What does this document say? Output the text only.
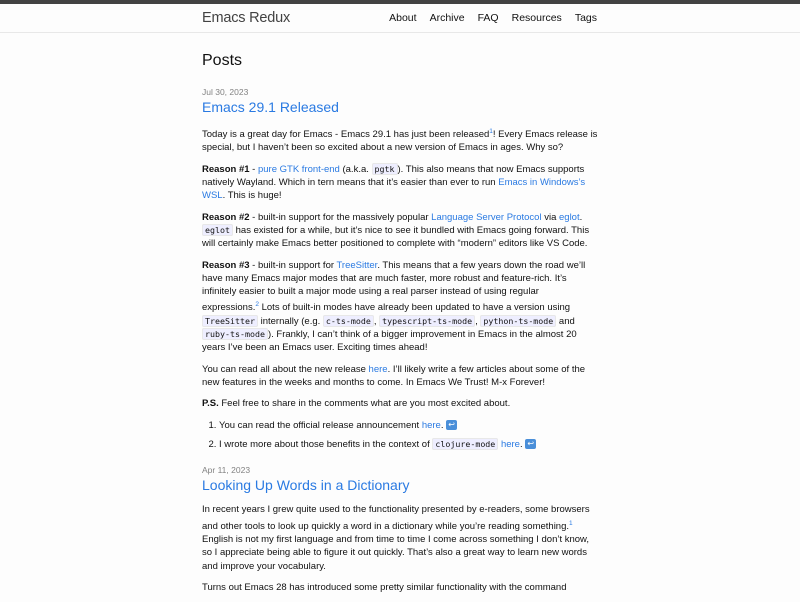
Emacs Redux	About Archive FAQ Resources Tags
Posts
Jul 30, 2023
Emacs 29.1 Released

Today is a great day for Emacs - Emacs 29.1 has just been released$^1$! Every Emacs release is special, but I haven’t been so excited about a new version of Emacs in ages. Why so?

Reason #1 - pure GTK front-end (a.k.a. pgtk ). This also means that now Emacs supports natively Wayland. Which in tern means that it’s easier than ever to run Emacs in Windows’s WSL. This is huge!

Reason #2 - built-in support for the massively popular Language Server Protocol via eglot. eglot has existed for a while, but it’s nice to see it bundled with Emacs going forward. This will certainly make Emacs better positioned to complete with “modern” editors like VS Code.

Reason #3 - built-in support for TreeSitter. This means that a few years down the road we’ll have many Emacs major modes that are much faster, more robust and feature-rich. It’s infinitely easier to built a major mode using a real parser instead of using regular expressions.$^2$ Lots of built-in modes have already been updated to have a version using TreeSitter internally (e.g. c-ts-mode , typescript-ts-mode , python-ts-mode and ruby-ts-mode ). Frankly, I can’t think of a bigger improvement in Emacs in the almost 20 years I’ve been an Emacs user. Exciting times ahead!

You can read all about the new release here. I’ll likely write a few articles about some of the new features in the weeks and months to come. In Emacs We Trust! M-x Forever!

P.S. Feel free to share in the comments what are you most excited about.

1. You can read the official release announcement here. ↩
2. I wrote more about those benefits in the context of clojure-mode here. ↩
Apr 11, 2023
Looking Up Words in a Dictionary

In recent years I grew quite used to the functionality presented by e-readers, some browsers and other tools to look up quickly a word in a dictionary while you’re reading something.$^1$ English is not my first language and from time to time I come across something I don’t know, so I appreciate being able to figure it out quickly. That’s also a great way to learn new words and improve your vocabulary.

Turns out Emacs 28 has introduced some pretty similar functionality with the command
